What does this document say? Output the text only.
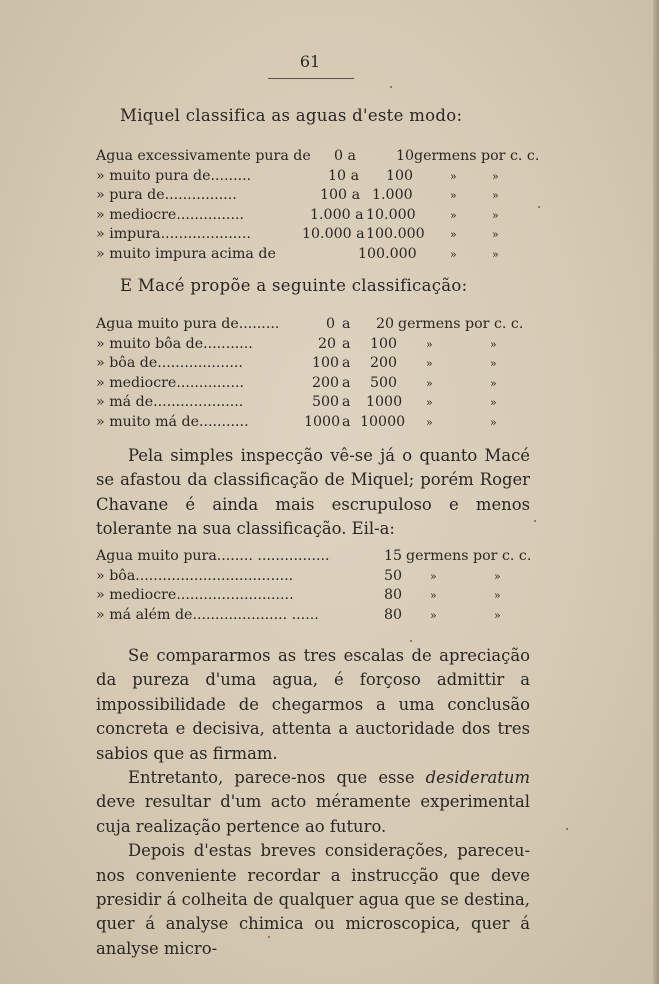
61
Miquel classifica as aguas d'este modo:
Agua excessivamente pura de 0 a	10 germens por c. c.
» muito pura de.........	10 a 100	»	»
» pura de................	100 a 1.000	»	»
» mediocre...............	1.000 a 10.000	»	»
» impura....................	10.000 a 100.000 »	»
» muito impura acima de	100.000	»	»
E Macé propõe a seguinte classificação:
Agua muito pura de.........	0 a 20 germens por c. c.
» muito bôa de...........	20 a 100	»	»
» bôa de...................	100 a 200	»	»
» mediocre...............	200 a 500	»	»
» má de....................	500 a 1000 »	»
» muito má de...........	1000 a 10000 »	»

Pela simples inspecção vê-se já o quanto Macé se afastou da classificação de Miquel; porém Roger Chavane é ainda mais escrupuloso e menos tolerante na sua classificação. Eil-a:

Agua muito pura........ ................	15 germens por c. c.
» bôa...................................	50	»	»
» mediocre..........................	80	»	»
» má além de..................... ......	80	»	»

Se compararmos as tres escalas de apreciação da pureza d'uma agua, é forçoso admittir a impossibilidade de chegarmos a uma conclusão concreta e decisiva, attenta a auctoridade dos tres sabios que as firmam.

Entretanto, parece-nos que esse desideratum deve resultar d'um acto méramente experimental cuja realização pertence ao futuro.

Depois d'estas breves considerações, pareceu-nos conveniente recordar a instrucção que deve presidir á colheita de qualquer agua que se destina, quer á analyse chimica ou microscopica, quer á analyse micro-
